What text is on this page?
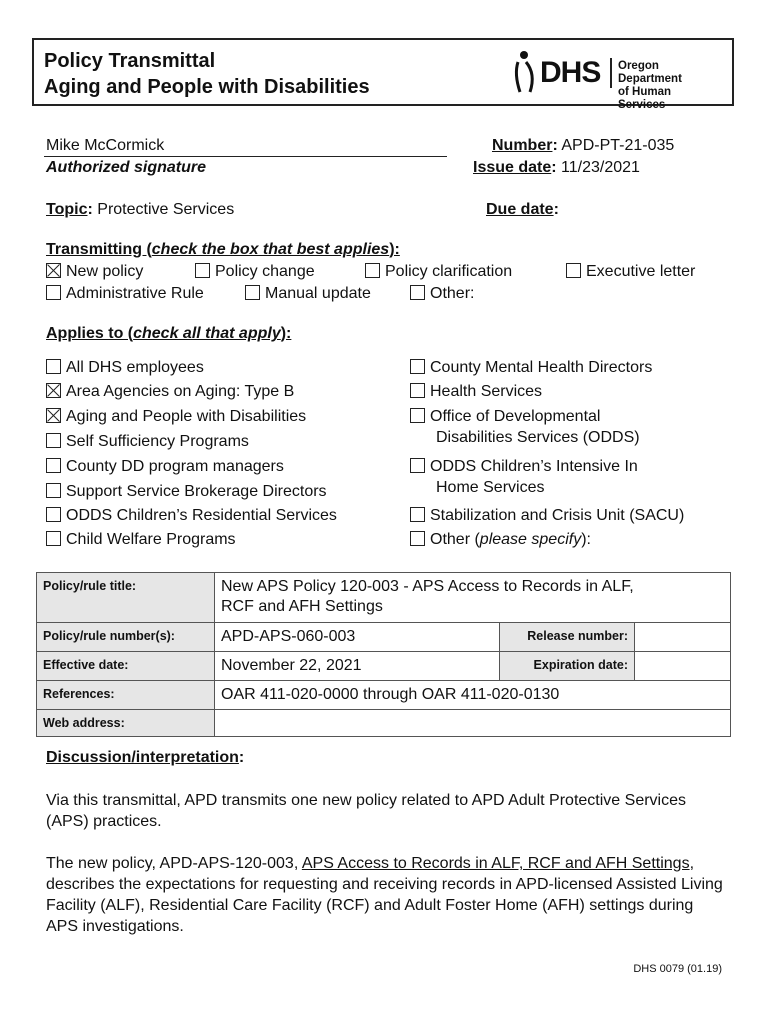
Policy Transmittal
Aging and People with Disabilities	DHS Oregon Department
of Human Services
Mike McCormick
Authorized signature
Number: APD-PT-21-035
Issue date: 11/23/2021
Topic: Protective Services	Due date:
Transmitting (check the box that best applies):
New policy	Policy change	Policy clarification	Executive letter
Administrative Rule	Manual update	Other:
Applies to (check all that apply):
All DHS employees
Area Agencies on Aging: Type B
Aging and People with Disabilities
Self Sufficiency Programs
County DD program managers
Support Service Brokerage Directors
ODDS Children’s Residential Services
Child Welfare Programs
County Mental Health Directors
Health Services
Office of Developmental
Disabilities Services (ODDS)
ODDS Children’s Intensive In
Home Services
Stabilization and Crisis Unit (SACU)
Other (please specify):
Policy/rule title:	New APS Policy 120-003 - APS Access to Records in ALF,
RCF and AFH Settings		

Policy/rule number(s):	APD-APS-060-003	Release number:	
Effective date:	November 22, 2021	Expiration date:	
References:	OAR 411-020-0000 through OAR 411-020-0130		
Web address:			
Discussion/interpretation:
Via this transmittal, APD transmits one new policy related to APD Adult Protective Services (APS) practices.
The new policy, APD-APS-120-003, APS Access to Records in ALF, RCF and AFH Settings, describes the expectations for requesting and receiving records in APD-licensed Assisted Living Facility (ALF), Residential Care Facility (RCF) and Adult Foster Home (AFH) settings during APS investigations.
DHS 0079 (01.19)
